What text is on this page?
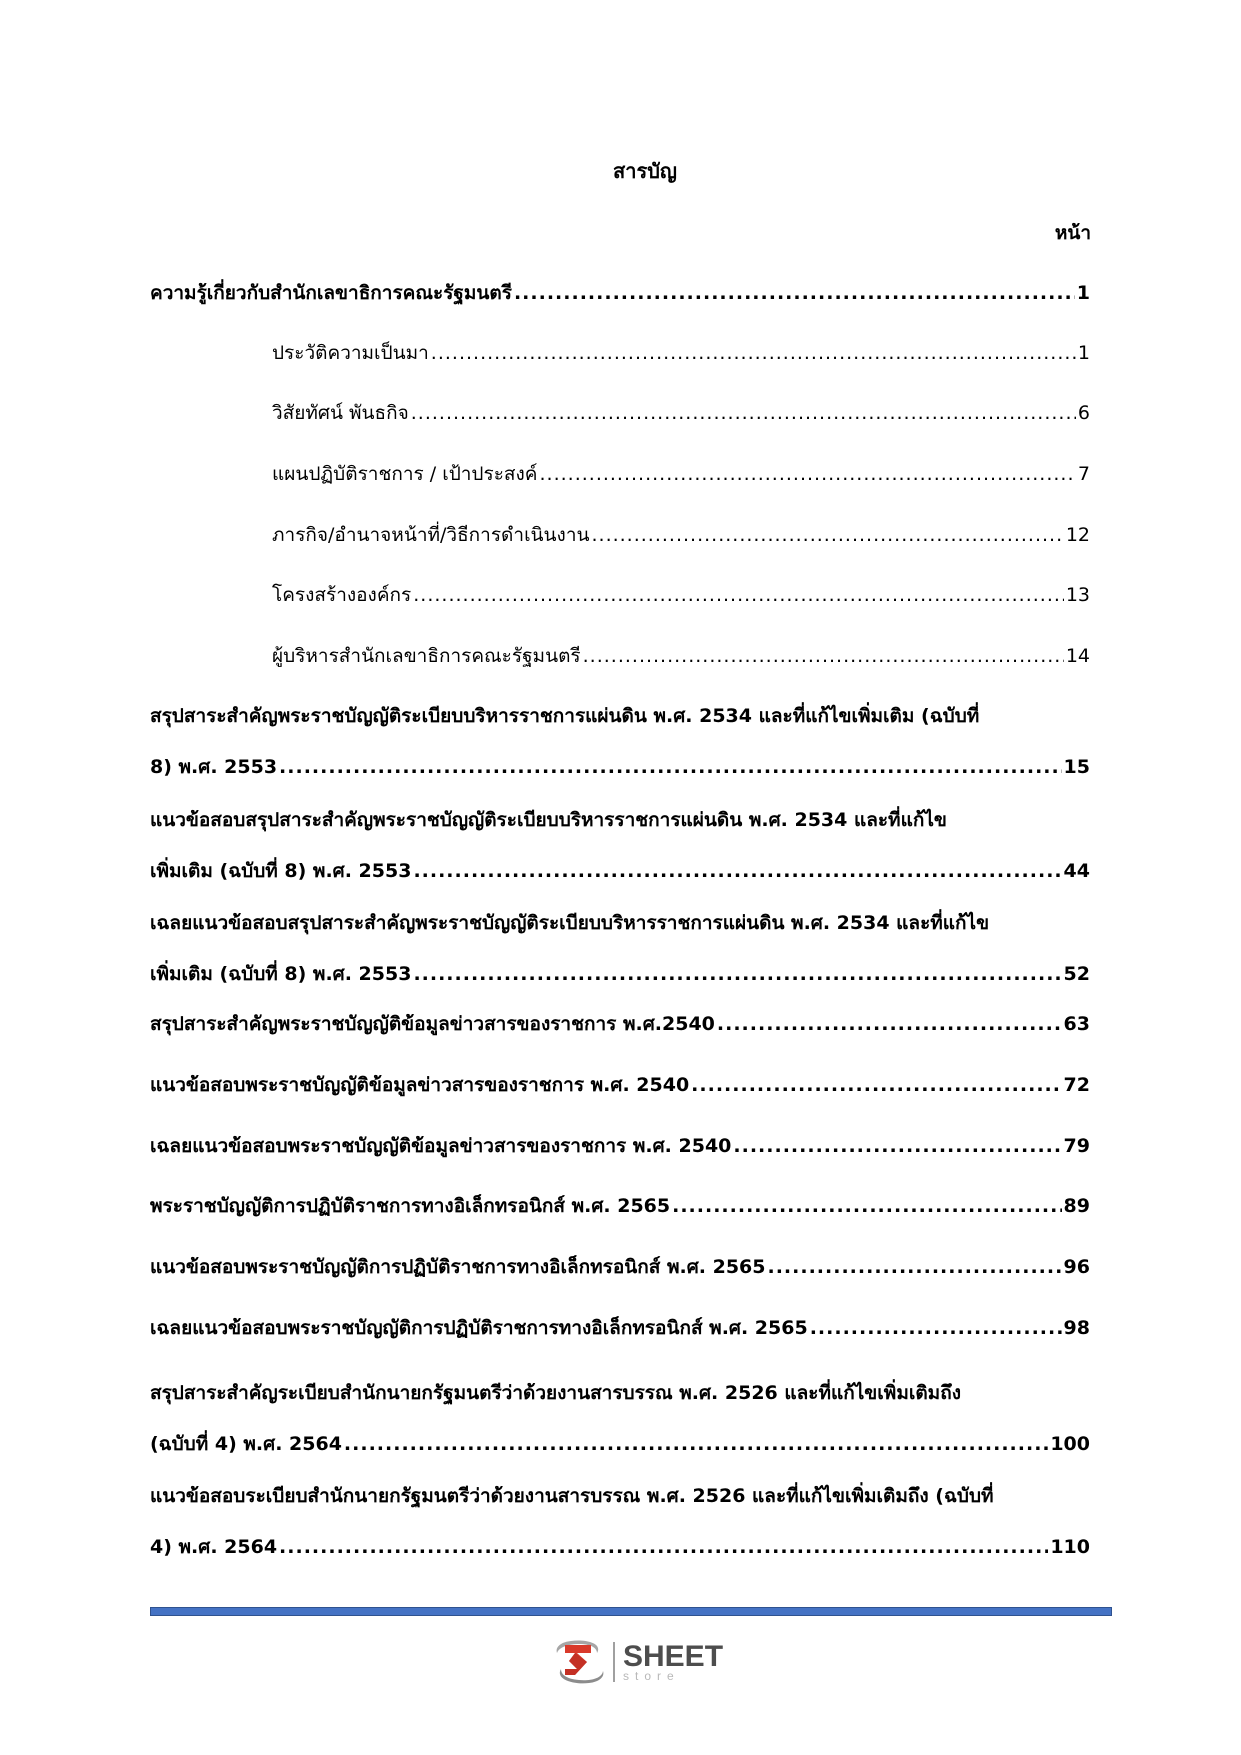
สารบัญ
หน้า
ความรู้เกี่ยวกับสำนักเลขาธิการคณะรัฐมนตรี .....	1
ประวัติความเป็นมา .....	1
วิสัยทัศน์ พันธกิจ .....	6
แผนปฏิบัติราชการ / เป้าประสงค์ .....	7
ภารกิจ/อำนาจหน้าที่/วิธีการดำเนินงาน .....	12
โครงสร้างองค์กร .....	13
ผู้บริหารสำนักเลขาธิการคณะรัฐมนตรี .....	14
สรุปสาระสำคัญพระราชบัญญัติระเบียบบริหารราชการแผ่นดิน พ.ศ. 2534 และที่แก้ไขเพิ่มเติม (ฉบับที่
8) พ.ศ. 2553 .....	15
แนวข้อสอบสรุปสาระสำคัญพระราชบัญญัติระเบียบบริหารราชการแผ่นดิน พ.ศ. 2534 และที่แก้ไข
เพิ่มเติม (ฉบับที่ 8) พ.ศ. 2553 .....	44
เฉลยแนวข้อสอบสรุปสาระสำคัญพระราชบัญญัติระเบียบบริหารราชการแผ่นดิน พ.ศ. 2534 และที่แก้ไข
เพิ่มเติม (ฉบับที่ 8) พ.ศ. 2553 .....	52
สรุปสาระสำคัญพระราชบัญญัติข้อมูลข่าวสารของราชการ พ.ศ.2540 .....	63
แนวข้อสอบพระราชบัญญัติข้อมูลข่าวสารของราชการ พ.ศ. 2540 .....	72
เฉลยแนวข้อสอบพระราชบัญญัติข้อมูลข่าวสารของราชการ พ.ศ. 2540 .....	79
พระราชบัญญัติการปฏิบัติราชการทางอิเล็กทรอนิกส์ พ.ศ. 2565 .....	89
แนวข้อสอบพระราชบัญญัติการปฏิบัติราชการทางอิเล็กทรอนิกส์ พ.ศ. 2565 .....	96
เฉลยแนวข้อสอบพระราชบัญญัติการปฏิบัติราชการทางอิเล็กทรอนิกส์ พ.ศ. 2565 .....	98
สรุปสาระสำคัญระเบียบสำนักนายกรัฐมนตรีว่าด้วยงานสารบรรณ พ.ศ. 2526 และที่แก้ไขเพิ่มเติมถึง
(ฉบับที่ 4) พ.ศ. 2564 .....	100
แนวข้อสอบระเบียบสำนักนายกรัฐมนตรีว่าด้วยงานสารบรรณ พ.ศ. 2526 และที่แก้ไขเพิ่มเติมถึง (ฉบับที่
4) พ.ศ. 2564 .....	110
SHEET
store
